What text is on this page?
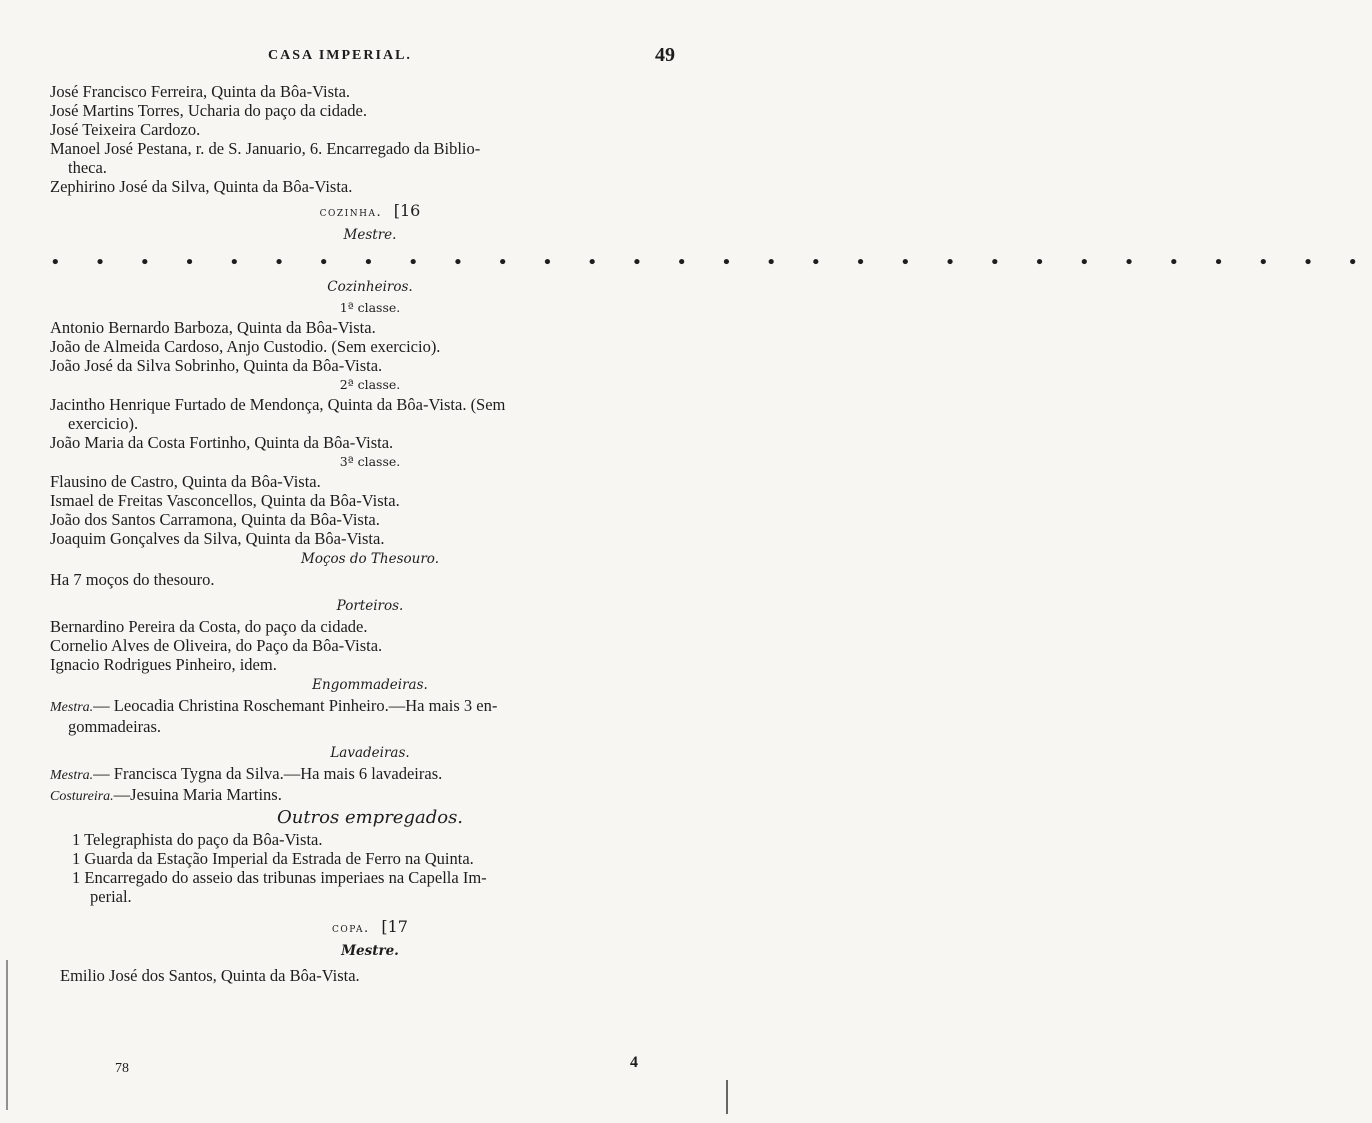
CASA IMPERIAL.	49
José Francisco Ferreira, Quinta da Bôa-Vista.
José Martins Torres, Ucharia do paço da cidade.
José Teixeira Cardozo.
Manoel José Pestana, r. de S. Januario, 6. Encarregado da Biblio-
theca.
Zephirino José da Silva, Quinta da Bôa-Vista.
cozinha. [16
Mestre.
• • • • • • • • • • • • • • • • • • • • • • • • • • • • • •
Cozinheiros.
1ª classe.
Antonio Bernardo Barboza, Quinta da Bôa-Vista.
João de Almeida Cardoso, Anjo Custodio. (Sem exercicio).
João José da Silva Sobrinho, Quinta da Bôa-Vista.
2ª classe.
Jacintho Henrique Furtado de Mendonça, Quinta da Bôa-Vista. (Sem
exercicio).
João Maria da Costa Fortinho, Quinta da Bôa-Vista.
3ª classe.
Flausino de Castro, Quinta da Bôa-Vista.
Ismael de Freitas Vasconcellos, Quinta da Bôa-Vista.
João dos Santos Carramona, Quinta da Bôa-Vista.
Joaquim Gonçalves da Silva, Quinta da Bôa-Vista.
Moços do Thesouro.
Ha 7 moços do thesouro.
Porteiros.
Bernardino Pereira da Costa, do paço da cidade.
Cornelio Alves de Oliveira, do Paço da Bôa-Vista.
Ignacio Rodrigues Pinheiro, idem.
Engommadeiras.
Mestra.— Leocadia Christina Roschemant Pinheiro.—Ha mais 3 en-
gommadeiras.
Lavadeiras.
Mestra.— Francisca Tygna da Silva.—Ha mais 6 lavadeiras.
Costureira.—Jesuina Maria Martins.
Outros empregados.
1 Telegraphista do paço da Bôa-Vista.
1 Guarda da Estação Imperial da Estrada de Ferro na Quinta.
1 Encarregado do asseio das tribunas imperiaes na Capella Im-
perial.
copa. [17
Mestre.
Emilio José dos Santos, Quinta da Bôa-Vista.
78	4
